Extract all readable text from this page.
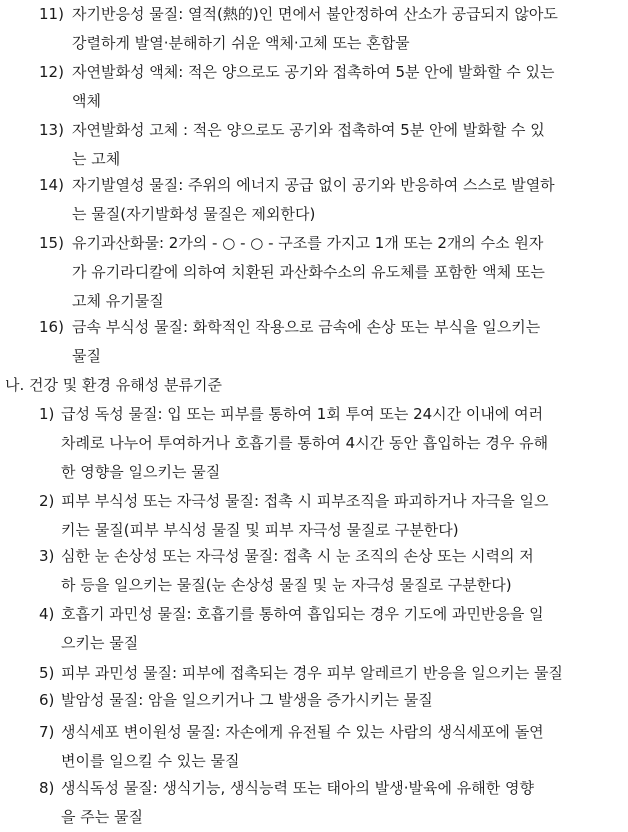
11) 자기반응성 물질: 열적(熱的)인 면에서 불안정하여 산소가 공급되지 않아도
강렬하게 발열·분해하기 쉬운 액체·고체 또는 혼합물
12) 자연발화성 액체: 적은 양으로도 공기와 접촉하여 5분 안에 발화할 수 있는
액체
13) 자연발화성 고체 : 적은 양으로도 공기와 접촉하여 5분 안에 발화할 수 있
는 고체
14) 자기발열성 물질: 주위의 에너지 공급 없이 공기와 반응하여 스스로 발열하
는 물질(자기발화성 물질은 제외한다)
15) 유기과산화물: 2가의 - ○ - ○ - 구조를 가지고 1개 또는 2개의 수소 원자
가 유기라디칼에 의하여 치환된 과산화수소의 유도체를 포함한 액체 또는
고체 유기물질
16) 금속 부식성 물질: 화학적인 작용으로 금속에 손상 또는 부식을 일으키는
물질
나. 건강 및 환경 유해성 분류기준
1) 급성 독성 물질: 입 또는 피부를 통하여 1회 투여 또는 24시간 이내에 여러
차례로 나누어 투여하거나 호흡기를 통하여 4시간 동안 흡입하는 경우 유해
한 영향을 일으키는 물질
2) 피부 부식성 또는 자극성 물질: 접촉 시 피부조직을 파괴하거나 자극을 일으
키는 물질(피부 부식성 물질 및 피부 자극성 물질로 구분한다)
3) 심한 눈 손상성 또는 자극성 물질: 접촉 시 눈 조직의 손상 또는 시력의 저
하 등을 일으키는 물질(눈 손상성 물질 및 눈 자극성 물질로 구분한다)
4) 호흡기 과민성 물질: 호흡기를 통하여 흡입되는 경우 기도에 과민반응을 일
으키는 물질
5) 피부 과민성 물질: 피부에 접촉되는 경우 피부 알레르기 반응을 일으키는 물질
6) 발암성 물질: 암을 일으키거나 그 발생을 증가시키는 물질
7) 생식세포 변이원성 물질: 자손에게 유전될 수 있는 사람의 생식세포에 돌연
변이를 일으킬 수 있는 물질
8) 생식독성 물질: 생식기능, 생식능력 또는 태아의 발생·발육에 유해한 영향
을 주는 물질
